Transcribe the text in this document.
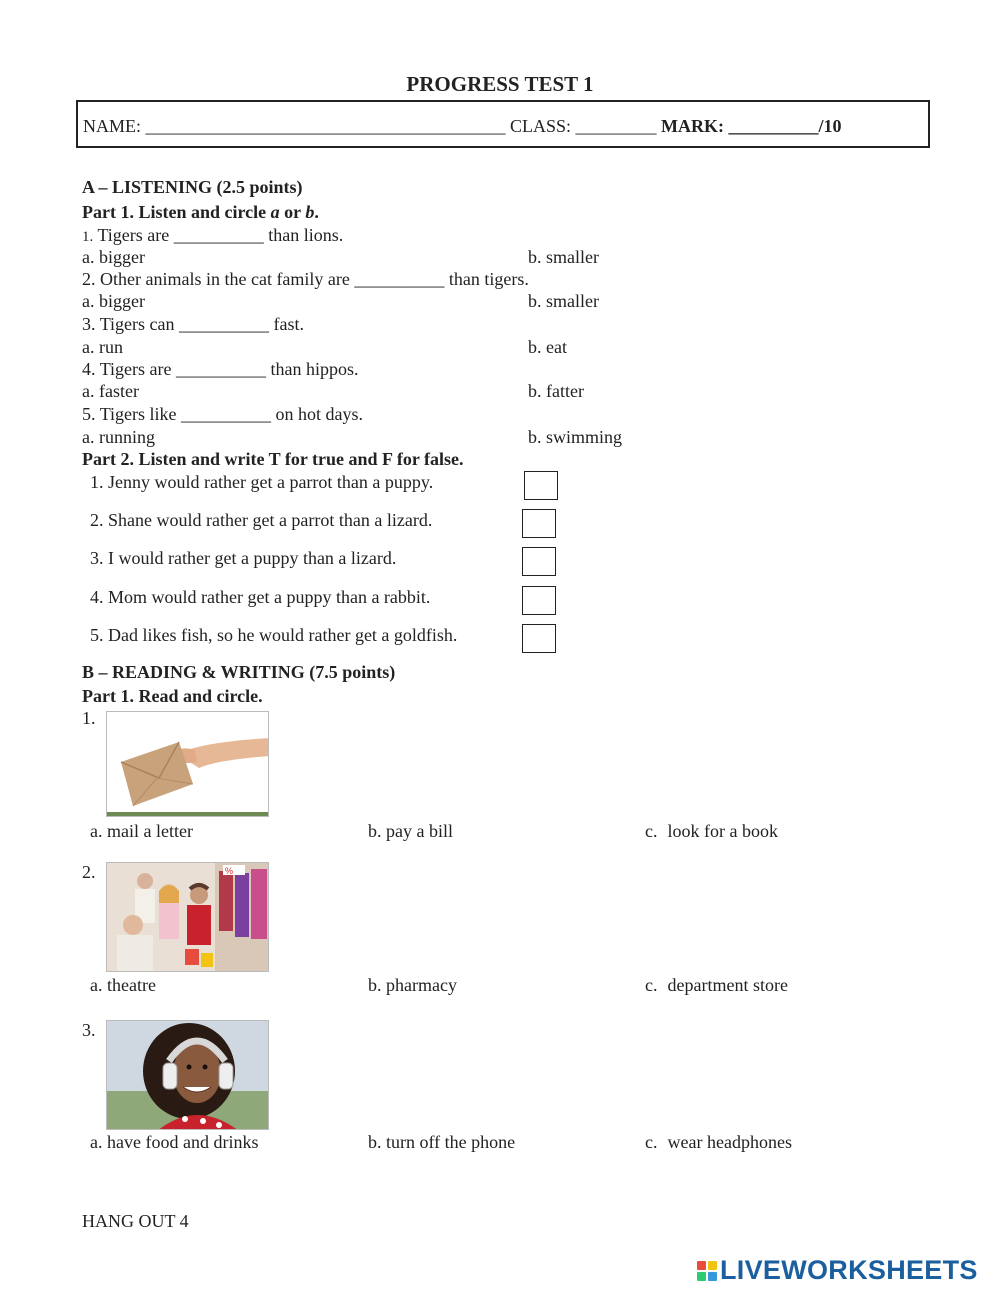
PROGRESS TEST 1
NAME: ________________________________________ CLASS: _________ MARK: __________/10
A – LISTENING (2.5 points)
Part 1. Listen and circle a or b.
1. Tigers are __________ than lions.
a. bigger	b. smaller
2. Other animals in the cat family are __________ than tigers.
a. bigger	b. smaller
3. Tigers can __________ fast.
a. run	b. eat
4. Tigers are __________ than hippos.
a. faster	b. fatter
5. Tigers like __________ on hot days.
a. running	b. swimming
Part 2. Listen and write T for true and F for false.
1. Jenny would rather get a parrot than a puppy.
2. Shane would rather get a parrot than a lizard.
3. I would rather get a puppy than a lizard.
4. Mom would rather get a puppy than a rabbit.
5. Dad likes fish, so he would rather get a goldfish.
B – READING & WRITING (7.5 points)
Part 1. Read and circle.
1.
a. mail a letter	b. pay a bill	c. look for a book
2.	%
a. theatre	b. pharmacy	c. department store
3.
a. have food and drinks	b. turn off the phone	c. wear headphones
HANG OUT 4
LIVEWORKSHEETS
